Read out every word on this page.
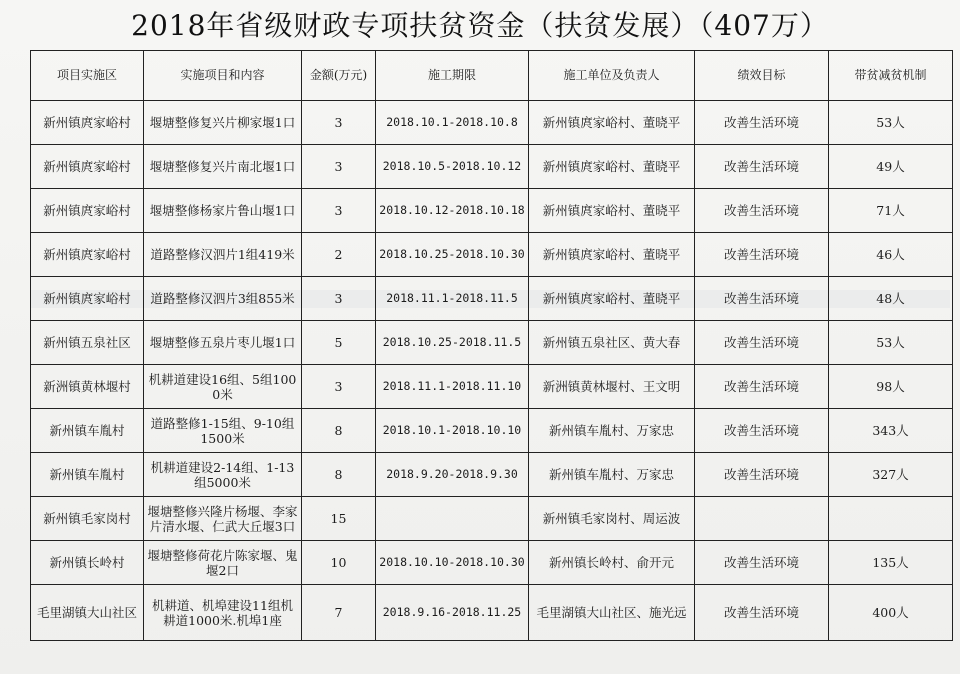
2018年省级财政专项扶贫资金（扶贫发展）（407万）
项目实施区	实施项目和内容	金额(万元)	施工期限	施工单位及负责人	绩效目标	带贫减贫机制
新州镇庹家峪村	堰塘整修复兴片柳家堰1口	3	2018.10.1-2018.10.8	新州镇庹家峪村、董晓平	改善生活环境	53人
新州镇庹家峪村	堰塘整修复兴片南北堰1口	3	2018.10.5-2018.10.12	新州镇庹家峪村、董晓平	改善生活环境	49人
新州镇庹家峪村	堰塘整修杨家片鲁山堰1口	3	2018.10.12-2018.10.18	新州镇庹家峪村、董晓平	改善生活环境	71人
新州镇庹家峪村	道路整修汉泗片1组419米	2	2018.10.25-2018.10.30	新州镇庹家峪村、董晓平	改善生活环境	46人
新州镇庹家峪村	道路整修汉泗片3组855米	3	2018.11.1-2018.11.5	新州镇庹家峪村、董晓平	改善生活环境	48人
新州镇五泉社区	堰塘整修五泉片枣儿堰1口	5	2018.10.25-2018.11.5	新州镇五泉社区、黄大春	改善生活环境	53人
新洲镇黄林堰村	机耕道建设16组、5组1000米	3	2018.11.1-2018.11.10	新洲镇黄林堰村、王文明	改善生活环境	98人
新州镇车胤村	道路整修1-15组、9-10组1500米	8	2018.10.1-2018.10.10	新州镇车胤村、万家忠	改善生活环境	343人
新州镇车胤村	机耕道建设2-14组、1-13组5000米	8	2018.9.20-2018.9.30	新州镇车胤村、万家忠	改善生活环境	327人
新州镇毛家岗村	堰塘整修兴隆片杨堰、李家片清水堰、仁武大丘堰3口	15		新州镇毛家岗村、周运波		
新州镇长岭村	堰塘整修荷花片陈家堰、鬼堰2口	10	2018.10.10-2018.10.30	新州镇长岭村、俞开元	改善生活环境	135人
毛里湖镇大山社区	机耕道、机埠建设11组机耕道1000米.机埠1座	7	2018.9.16-2018.11.25	毛里湖镇大山社区、施光远	改善生活环境	400人
